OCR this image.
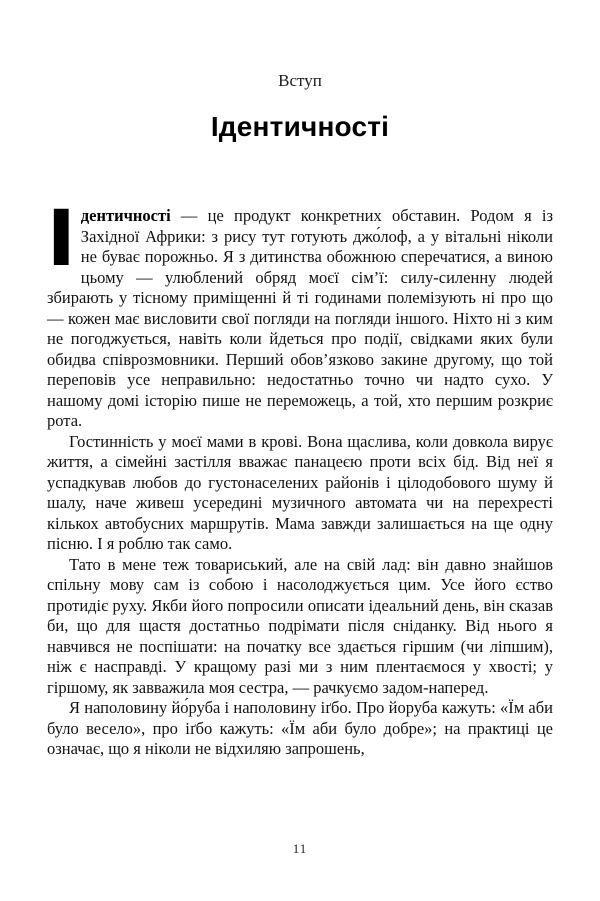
Вступ
Ідентичності

Ідентичності — це продукт конкретних обставин. Родом я із Західної Африки: з рису тут готують джо́лоф, а у вітальні ніколи не буває порожньо. Я з дитинства обожнюю сперечатися, а виною цьому — улюблений обряд моєї сім’ї: силу-силенну людей збирають у тісному приміщенні й ті годинами полемізують ні про що — кожен має висловити свої погляди на погляди іншого. Ніхто ні з ким не погоджується, навіть коли йдеться про події, свідками яких були обидва співрозмовники. Перший обов’язково закине другому, що той переповів усе неправильно: недостатньо точно чи надто сухо. У нашому домі історію пише не переможець, а той, хто першим розкриє рота.

Гостинність у моєї мами в крові. Вона щаслива, коли довкола вирує життя, а сімейні застілля вважає панацеєю проти всіх бід. Від неї я успадкував любов до густонаселених районів і цілодобового шуму й шалу, наче живеш усередині музичного автомата чи на перехресті кількох автобусних маршрутів. Мама завжди залишається на ще одну пісню. І я роблю так само.

Тато в мене теж товариський, але на свій лад: він давно знайшов спільну мову сам із собою і насолоджується цим. Усе його єство протидіє руху. Якби його попросили описати ідеальний день, він сказав би, що для щастя достатньо подрімати після сніданку. Від нього я навчився не поспішати: на початку все здається гіршим (чи ліпшим), ніж є насправді. У кращому разі ми з ним плентаємося у хвості; у гіршому, як завважила моя сестра, — рачкуємо задом-наперед.

Я наполовину йо́руба і наполовину іґбо. Про йоруба кажуть: «Їм аби було весело», про іґбо кажуть: «Їм аби було добре»; на практиці це означає, що я ніколи не відхиляю запрошень,

11
